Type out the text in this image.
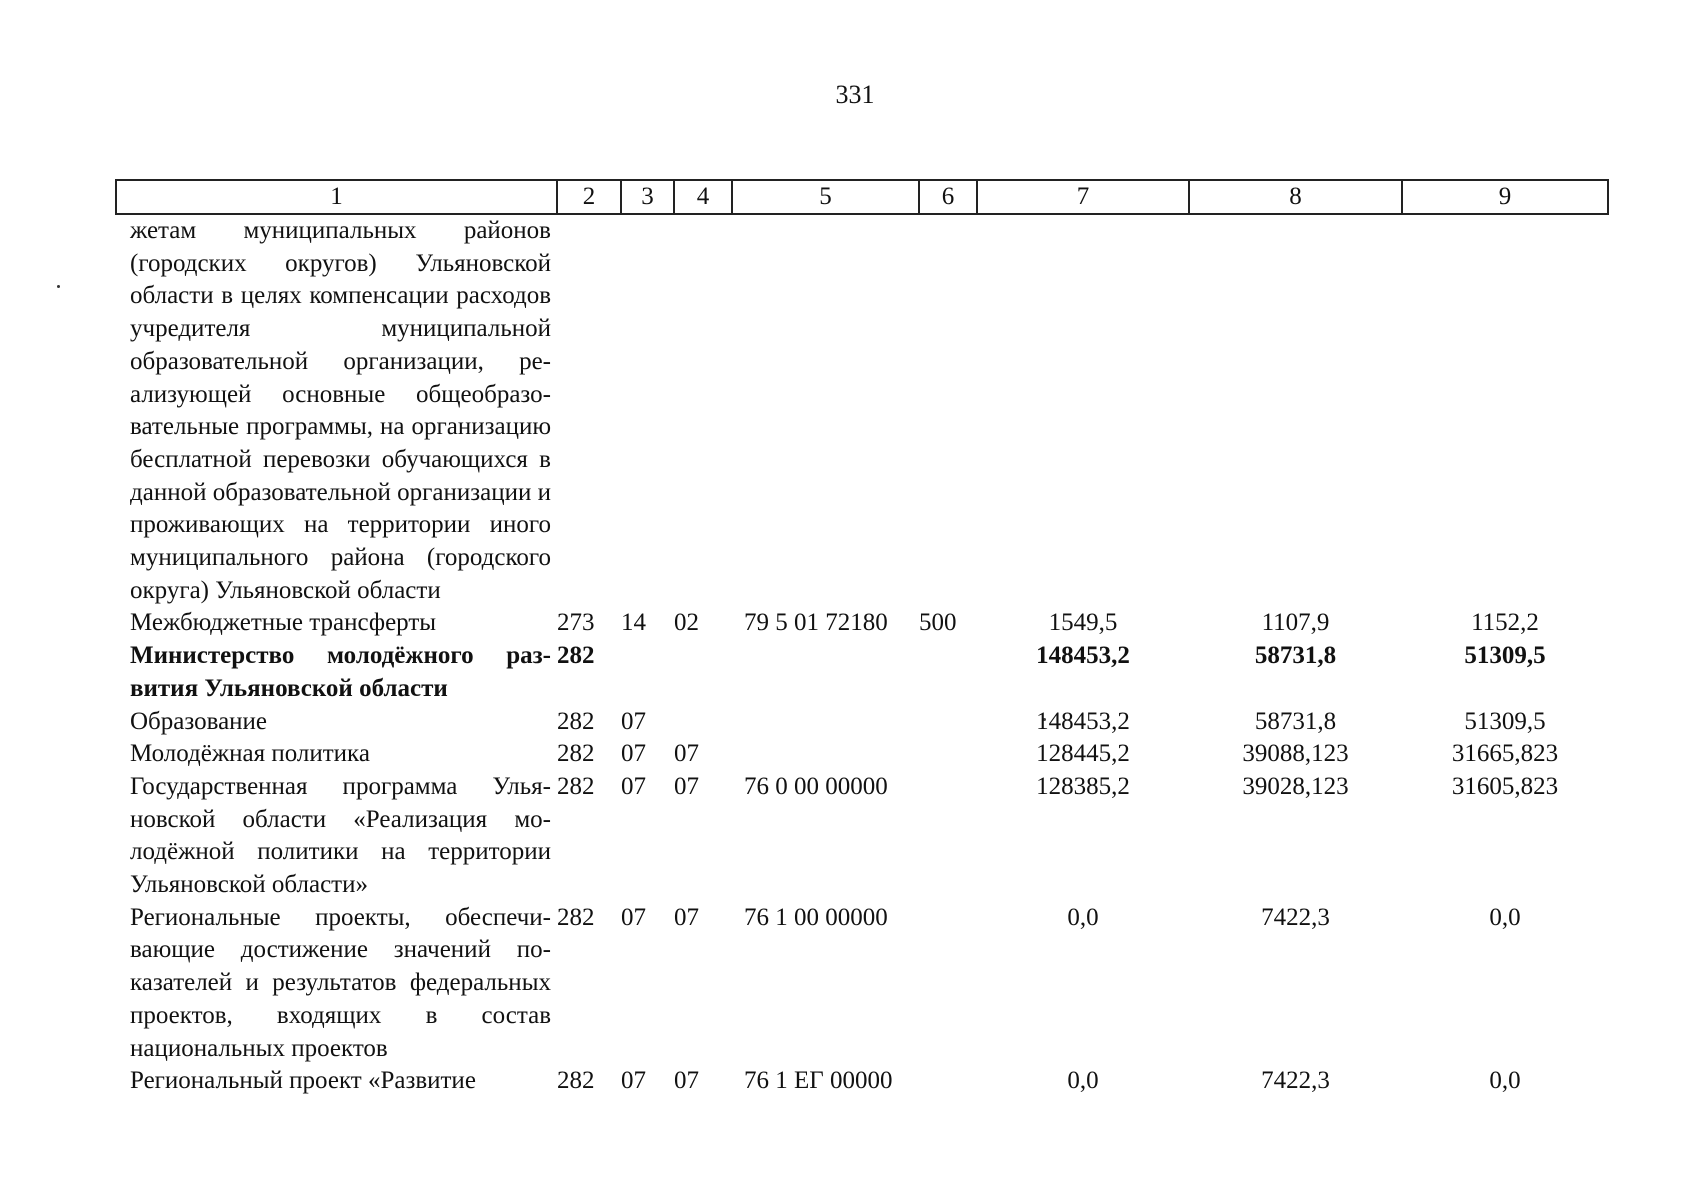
331
1	2	3	4	5	6	7	8	9
жетам муниципальных районов (городских округов) Ульяновской области в целях компенсации расходов учредителя муниципальной образовательной организации, реализующей основные общеобразовательные программы, на организацию бесплатной перевозки обучающихся в данной образовательной организации и проживающих на территории иного муниципального района (городского округа) Ульяновской области								
Межбюджетные трансферты	273	14	02	79 5 01 72180	500	1549,5	1107,9	1152,2
Министерство молодёжного развития Ульяновской области	282					148453,2	58731,8	51309,5
Образование	282	07				148453,2	58731,8	51309,5
Молодёжная политика	282	07	07			128445,2	39088,123	31665,823
Государственная программа Ульяновской области «Реализация молодёжной политики на территории Ульяновской области»	282	07	07	76 0 00 00000		128385,2	39028,123	31605,823
Региональные проекты, обеспечивающие достижение значений показателей и результатов федеральных проектов, входящих в состав национальных проектов	282	07	07	76 1 00 00000		0,0	7422,3	0,0
Региональный проект «Развитие	282	07	07	76 1 ЕГ 00000		0,0	7422,3	0,0
